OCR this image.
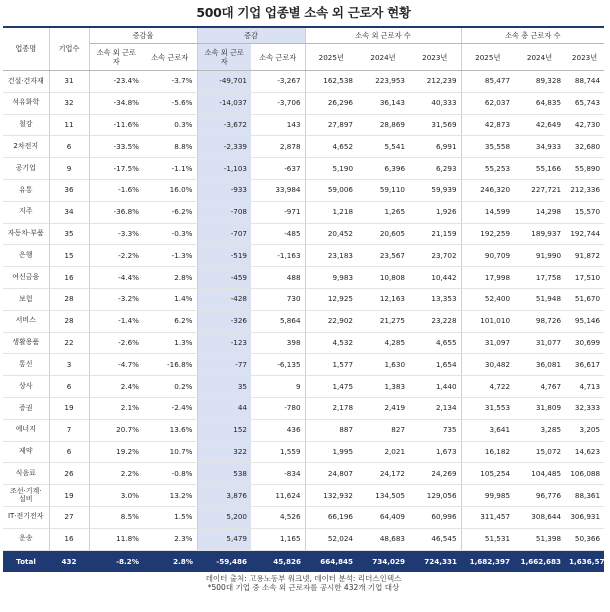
500대 기업 업종별 소속 외 근로자 현황
업종명	기업수	증감율		증감		소속 외 근로자 수			소속 총 근로자 수		
		소속 외 근로자	소속 근로자	소속 외 근로자	소속 근로자	2025년	2024년	2023년	2025년	2024년	2023년
건설·건자재	31	-23.4%	-3.7%	-49,701	-3,267	162,538	223,953	212,239	85,477	89,328	88,744
석유화학	32	-34.8%	-5.6%	-14,037	-3,706	26,296	36,143	40,333	62,037	64,835	65,743
철강	11	-11.6%	0.3%	-3,672	143	27,897	28,869	31,569	42,873	42,649	42,730
2차전지	6	-33.5%	8.8%	-2,339	2,878	4,652	5,541	6,991	35,558	34,933	32,680
공기업	9	-17.5%	-1.1%	-1,103	-637	5,190	6,396	6,293	55,253	55,166	55,890
유통	36	-1.6%	16.0%	-933	33,984	59,006	59,110	59,939	246,320	227,721	212,336
지주	34	-36.8%	-6.2%	-708	-971	1,218	1,265	1,926	14,599	14,298	15,570
자동차·부품	35	-3.3%	-0.3%	-707	-485	20,452	20,605	21,159	192,259	189,937	192,744
은행	15	-2.2%	-1.3%	-519	-1,163	23,183	23,567	23,702	90,709	91,990	91,872
여신금융	16	-4.4%	2.8%	-459	488	9,983	10,808	10,442	17,998	17,758	17,510
보험	28	-3.2%	1.4%	-428	730	12,925	12,163	13,353	52,400	51,948	51,670
서비스	28	-1.4%	6.2%	-326	5,864	22,902	21,275	23,228	101,010	98,726	95,146
생활용품	22	-2.6%	1.3%	-123	398	4,532	4,285	4,655	31,097	31,077	30,699
통신	3	-4.7%	-16.8%	-77	-6,135	1,577	1,630	1,654	30,482	36,081	36,617
상사	6	2.4%	0.2%	35	9	1,475	1,383	1,440	4,722	4,767	4,713
증권	19	2.1%	-2.4%	44	-780	2,178	2,419	2,134	31,553	31,809	32,333
에너지	7	20.7%	13.6%	152	436	887	827	735	3,641	3,285	3,205
제약	6	19.2%	10.7%	322	1,559	1,995	2,021	1,673	16,182	15,072	14,623
식음료	26	2.2%	-0.8%	538	-834	24,807	24,172	24,269	105,254	104,485	106,088
조선·기계·설비	19	3.0%	13.2%	3,876	11,624	132,932	134,505	129,056	99,985	96,776	88,361
IT·전기전자	27	8.5%	1.5%	5,200	4,526	66,196	64,409	60,996	311,457	308,644	306,931
운송	16	11.8%	2.3%	5,479	1,165	52,024	48,683	46,545	51,531	51,398	50,366
Total	432	-8.2%	2.8%	-59,486	45,826	664,845	734,029	724,331	1,682,397	1,662,683	1,636,571
데이터 출처: 고용노동부 워크넷, 데이터 분석: 리더스인덱스
*500대 기업 중 소속 외 근로자를 공시한 432개 기업 대상
